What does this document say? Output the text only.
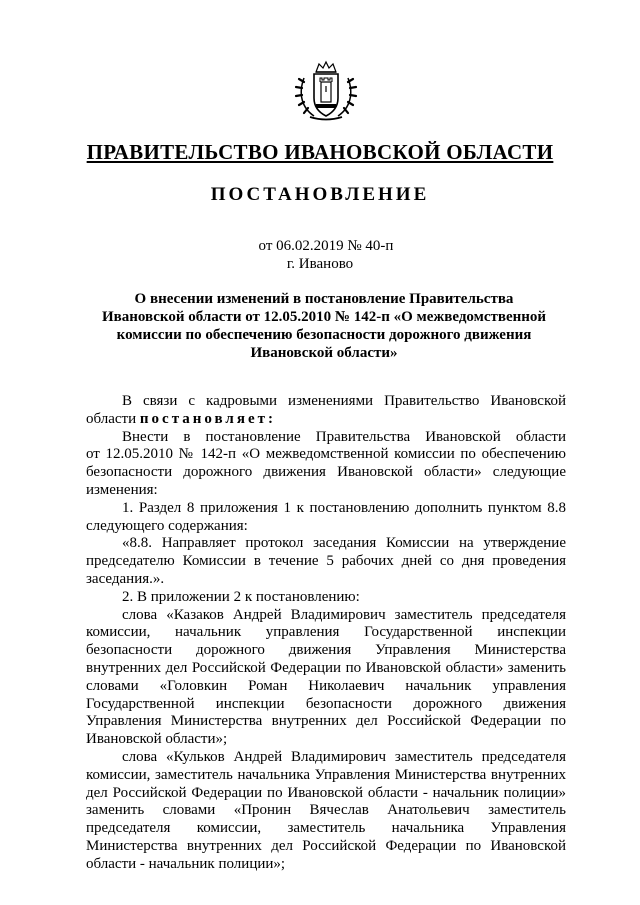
ПРАВИТЕЛЬСТВО ИВАНОВСКОЙ ОБЛАСТИ
ПОСТАНОВЛЕНИЕ
от 06.02.2019 № 40-п
г. Иваново
О внесении изменений в постановление Правительства
Ивановской области от 12.05.2010 № 142-п «О межведомственной
комиссии по обеспечению безопасности дорожного движения
Ивановской области»
В связи с кадровыми изменениями Правительство Ивановской
области постановляет:
Внести в постановление Правительства Ивановской области
от 12.05.2010 № 142-п «О межведомственной комиссии по обеспечению
безопасности дорожного движения Ивановской области» следующие
изменения:
1. Раздел 8 приложения 1 к постановлению дополнить пунктом 8.8
следующего содержания:
«8.8. Направляет протокол заседания Комиссии на утверждение
председателю Комиссии в течение 5 рабочих дней со дня проведения
заседания.».
2. В приложении 2 к постановлению:
слова «Казаков Андрей Владимирович заместитель председателя
комиссии, начальник управления Государственной инспекции
безопасности дорожного движения Управления Министерства
внутренних дел Российской Федерации по Ивановской области» заменить
словами «Головкин Роман Николаевич начальник управления
Государственной инспекции безопасности дорожного движения
Управления Министерства внутренних дел Российской Федерации по
Ивановской области»;
слова «Кульков Андрей Владимирович заместитель председателя
комиссии, заместитель начальника Управления Министерства внутренних
дел Российской Федерации по Ивановской области - начальник полиции»
заменить словами «Пронин Вячеслав Анатольевич заместитель
председателя комиссии, заместитель начальника Управления
Министерства внутренних дел Российской Федерации по Ивановской
области - начальник полиции»;
